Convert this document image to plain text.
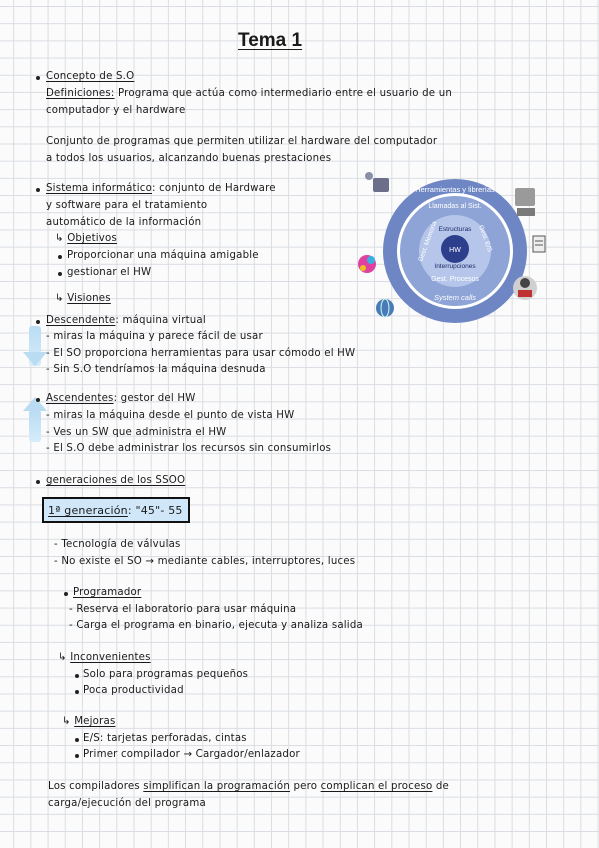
Tema 1
Concepto de S.O
Definiciones: Programa que actúa como intermediario entre el usuario de un
computador y el hardware
Conjunto de programas que permiten utilizar el hardware del computador
a todos los usuarios, alcanzando buenas prestaciones
Sistema informático: conjunto de Hardware
y software para el tratamiento
automático de la información
↳ Objetivos
Proporcionar una máquina amigable
gestionar el HW
↳ Visiones
Descendente: máquina virtual
- miras la máquina y parece fácil de usar
- El SO proporciona herramientas para usar cómodo el HW
- Sin S.O tendríamos la máquina desnuda
Ascendentes: gestor del HW
- miras la máquina desde el punto de vista HW
- Ves un SW que administra el HW
- El S.O debe administrar los recursos sin consumirlos
generaciones de los SSOO
1ª generación: "45"- 55
- Tecnología de válvulas
- No existe el SO → mediante cables, interruptores, luces
Programador
- Reserva el laboratorio para usar máquina
- Carga el programa en binario, ejecuta y analiza salida
↳ Inconvenientes
Solo para programas pequeños
Poca productividad
↳ Mejoras
E/S: tarjetas perforadas, cintas
Primer compilador → Cargador/enlazador
Los compiladores simplifican la programación pero complican el proceso de
carga/ejecución del programa
Herramientas y librerías
Llamadas al Sist.
Estructuras
HW
Interrupciones
Gest. Procesos
Gest. Memoria	Gest. E/S
System calls
